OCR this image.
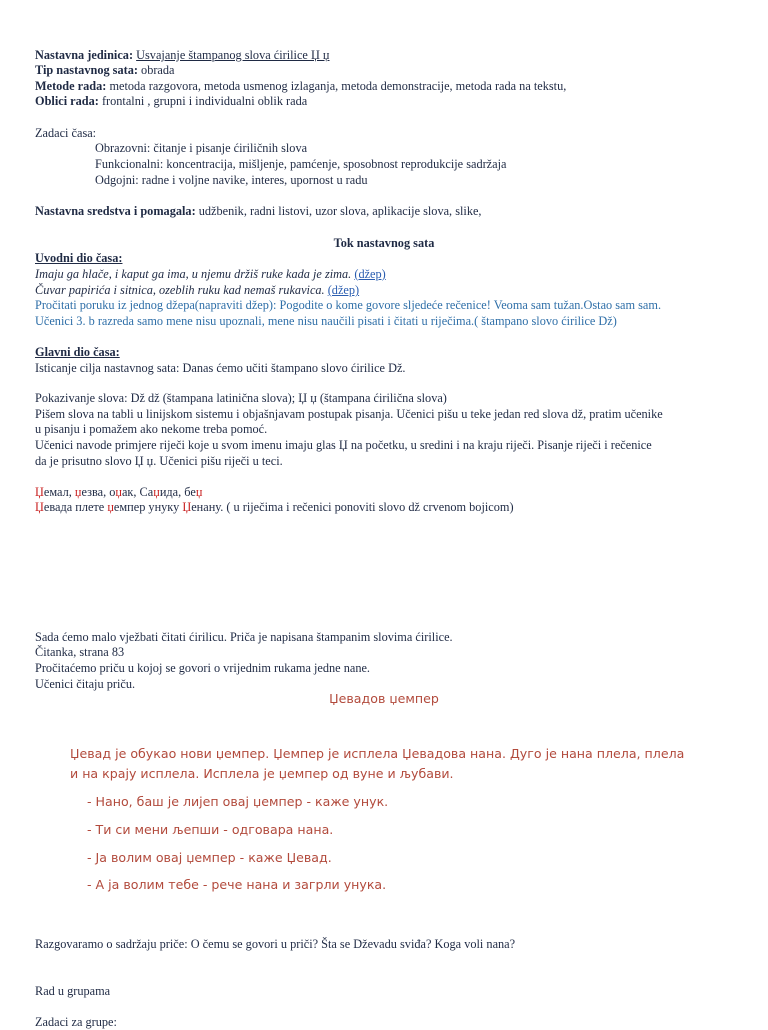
Nastavna jedinica: Usvajanje štampanog slova ćirilice Џ џ
Tip nastavnog sata: obrada
Metode rada: metoda razgovora, metoda usmenog izlaganja, metoda demonstracije, metoda rada na tekstu,
Oblici rada: frontalni , grupni i individualni oblik rada
Zadaci časa:
Obrazovni: čitanje i pisanje ćiriličnih slova
Funkcionalni: koncentracija, mišljenje, pamćenje, sposobnost reprodukcije sadržaja
Odgojni: radne i voljne navike, interes, upornost u radu
Nastavna sredstva i pomagala: udžbenik, radni listovi, uzor slova, aplikacije slova, slike,
Tok nastavnog sata
Uvodni dio časa:
Imaju ga hlače, i kaput ga ima, u njemu držiš ruke kada je zima. (džep)
Čuvar papirića i sitnica, ozeblih ruku kad nemaš rukavica. (džep)
Pročitati poruku iz jednog džepa(napraviti džep): Pogodite o kome govore sljedeće rečenice! Veoma sam tužan.Ostao sam sam.
Učenici 3. b razreda samo mene nisu upoznali, mene nisu naučili pisati i čitati u riječima.( štampano slovo ćirilice Dž)
Glavni dio časa:
Isticanje cilja nastavnog sata: Danas ćemo učiti štampano slovo ćirilice Dž.
Pokazivanje slova: Dž dž (štampana latinična slova); Џ џ (štampana ćirilična slova)
Pišem slova na tabli u linijskom sistemu i objašnjavam postupak pisanja. Učenici pišu u teke jedan red slova dž, pratim učenike
u pisanju i pomažem ako nekome treba pomoć.
Učenici navode primjere riječi koje u svom imenu imaju glas Џ na početku, u sredini i na kraju riječi. Pisanje riječi i rečenice
da je prisutno slovo Џ џ. Učenici pišu riječi u teci.
Џемал, џезва, оџак, Саџида, беџ
Џевада плете џемпер унуку Џенану. ( u riječima i rečenici ponoviti slovo dž crvenom bojicom)
Sada ćemo malo vježbati čitati ćirilicu. Priča je napisana štampanim slovima ćirilice.
Čitanka, strana 83
Pročitaćemo priču u kojoj se govori o vrijednim rukama jedne nane.
Učenici čitaju priču.
Џевадов џемпер
Џевад је обукао нови џемпер. Џемпер је исплела Џевадова нана. Дуго је нана плела, плела
и на крају исплела. Исплела је џемпер од вуне и љубави.
- Нано, баш је лијеп овај џемпер - каже унук.
- Ти си мени љепши - одговара нана.
- Ја волим овај џемпер - каже Џевад.
- А ја волим тебе - рече нана и загрли унука.
Razgovaramo o sadržaju priče: O čemu se govori u priči? Šta se Dževadu sviđa? Koga voli nana?
Rad u grupama
Zadaci za grupe:
